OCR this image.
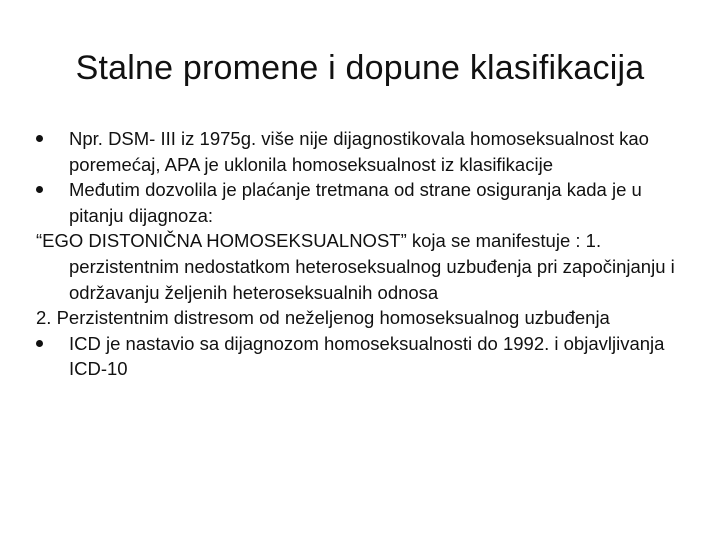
Stalne promene i dopune klasifikacija

Npr. DSM- III iz 1975g. više nije dijagnostikovala homoseksualnost kao poremećaj, APA je uklonila homoseksualnost iz klasifikacije

Međutim dozvolila je plaćanje tretmana od strane osiguranja kada je u pitanju dijagnoza:

“EGO DISTONIČNA HOMOSEKSUALNOST” koja se manifestuje : 1. perzistentnim nedostatkom heteroseksualnog uzbuđenja pri započinjanju i održavanju željenih heteroseksualnih odnosa

2. Perzistentnim distresom od neželjenog homoseksualnog uzbuđenja

ICD je nastavio sa dijagnozom homoseksualnosti do 1992. i objavljivanja ICD-10
